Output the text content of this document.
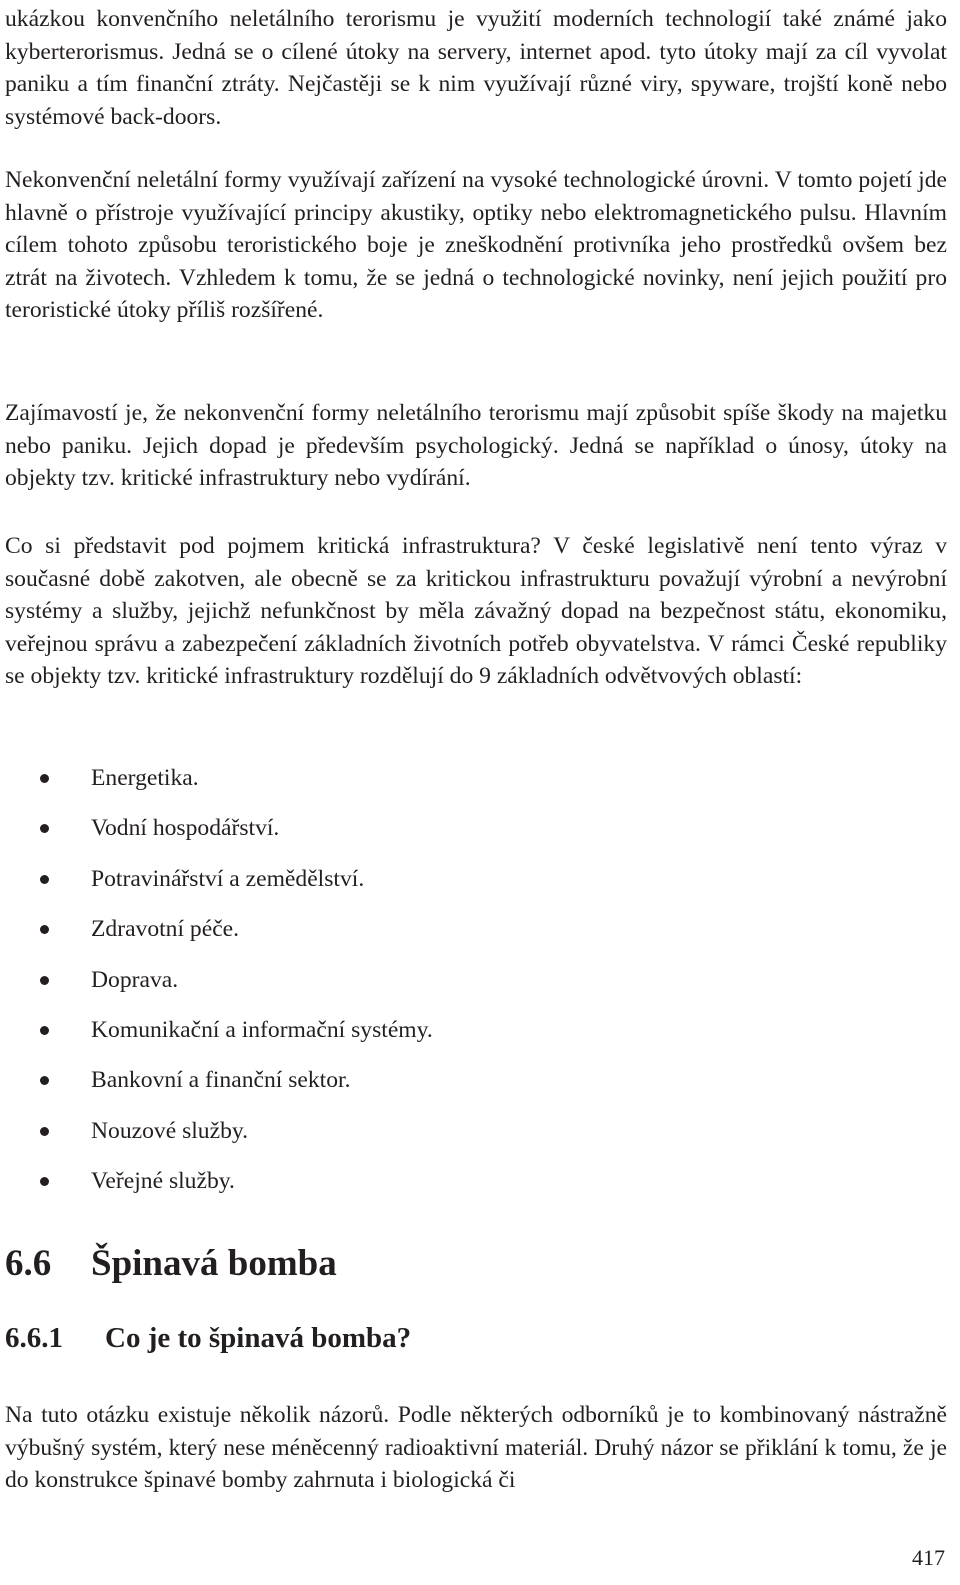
ukázkou konvenčního neletálního terorismu je využití moderních technologií také známé jako kyberterorismus. Jedná se o cílené útoky na servery, internet apod. tyto útoky mají za cíl vyvolat paniku a tím finanční ztráty. Nejčastěji se k nim využívají různé viry, spyware, trojští koně nebo systémové back-doors.

Nekonvenční neletální formy využívají zařízení na vysoké technologické úrovni. V tomto pojetí jde hlavně o přístroje využívající principy akustiky, optiky nebo elektromagnetického pulsu. Hlavním cílem tohoto způsobu teroristického boje je zneškodnění protivníka jeho prostředků ovšem bez ztrát na životech. Vzhledem k tomu, že se jedná o technologické novinky, není jejich použití pro teroristické útoky příliš rozšířené.

Zajímavostí je, že nekonvenční formy neletálního terorismu mají způsobit spíše škody na majetku nebo paniku. Jejich dopad je především psychologický. Jedná se například o únosy, útoky na objekty tzv. kritické infrastruktury nebo vydírání.

Co si představit pod pojmem kritická infrastruktura? V české legislativě není tento výraz v současné době zakotven, ale obecně se za kritickou infrastrukturu považují výrobní a nevýrobní systémy a služby, jejichž nefunkčnost by měla závažný dopad na bezpečnost státu, ekonomiku, veřejnou správu a zabezpečení základních životních potřeb obyvatelstva. V rámci České republiky se objekty tzv. kritické infrastruktury rozdělují do 9 základních odvětvových oblastí:

Energetika.
Vodní hospodářství.
Potravinářství a zemědělství.
Zdravotní péče.
Doprava.
Komunikační a informační systémy.
Bankovní a finanční sektor.
Nouzové služby.
Veřejné služby.
6.6 Špinavá bomba
6.6.1 Co je to špinavá bomba?

Na tuto otázku existuje několik názorů. Podle některých odborníků je to kombinovaný nástražně výbušný systém, který nese méněcenný radioaktivní materiál. Druhý názor se přiklání k tomu, že je do konstrukce špinavé bomby zahrnuta i biologická či

417
